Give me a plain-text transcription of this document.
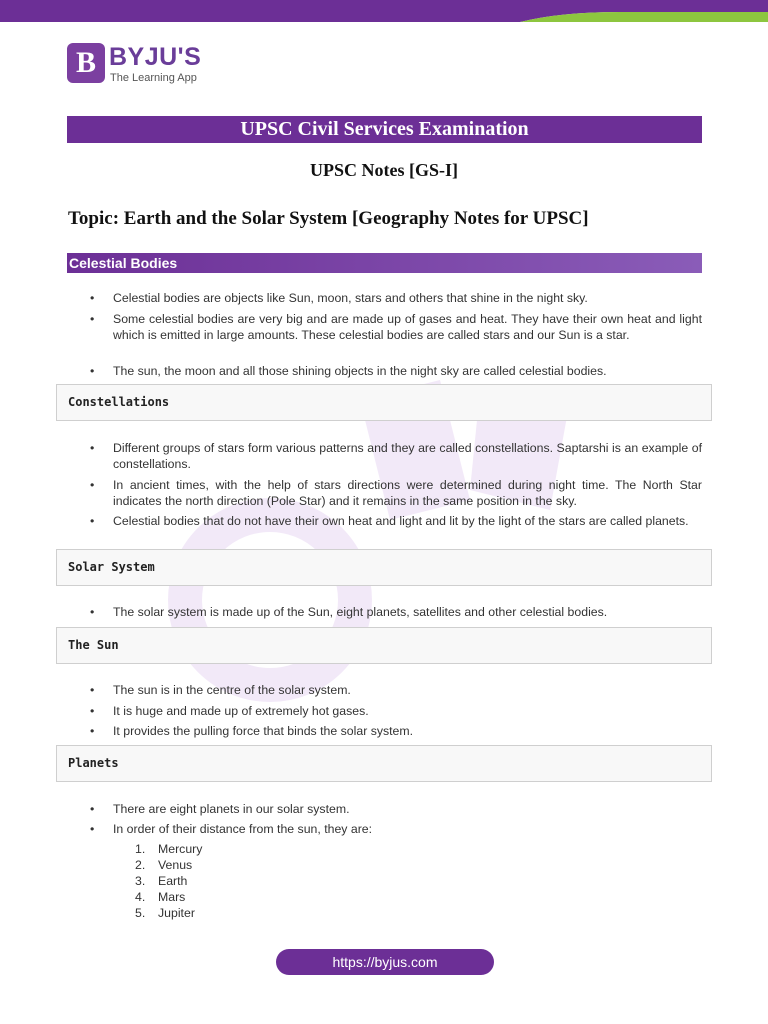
B BYJU'S
The Learning App
UPSC Civil Services Examination
UPSC Notes [GS-I]
Topic: Earth and the Solar System [Geography Notes for UPSC]
Celestial Bodies
• Celestial bodies are objects like Sun, moon, stars and others that shine in the night sky.
• Some celestial bodies are very big and are made up of gases and heat. They have their own heat and light which is emitted in large amounts. These celestial bodies are called stars and our Sun is a star.
• The sun, the moon and all those shining objects in the night sky are called celestial bodies.
Constellations
• Different groups of stars form various patterns and they are called constellations. Saptarshi is an example of constellations.
• In ancient times, with the help of stars directions were determined during night time. The North Star indicates the north direction (Pole Star) and it remains in the same position in the sky.
• Celestial bodies that do not have their own heat and light and lit by the light of the stars are called planets.
Solar System
• The solar system is made up of the Sun, eight planets, satellites and other celestial bodies.
The Sun
• The sun is in the centre of the solar system.
• It is huge and made up of extremely hot gases.
• It provides the pulling force that binds the solar system.
Planets
• There are eight planets in our solar system.
• In order of their distance from the sun, they are:
1. Mercury
2. Venus
3. Earth
4. Mars
5. Jupiter
https://byjus.com
